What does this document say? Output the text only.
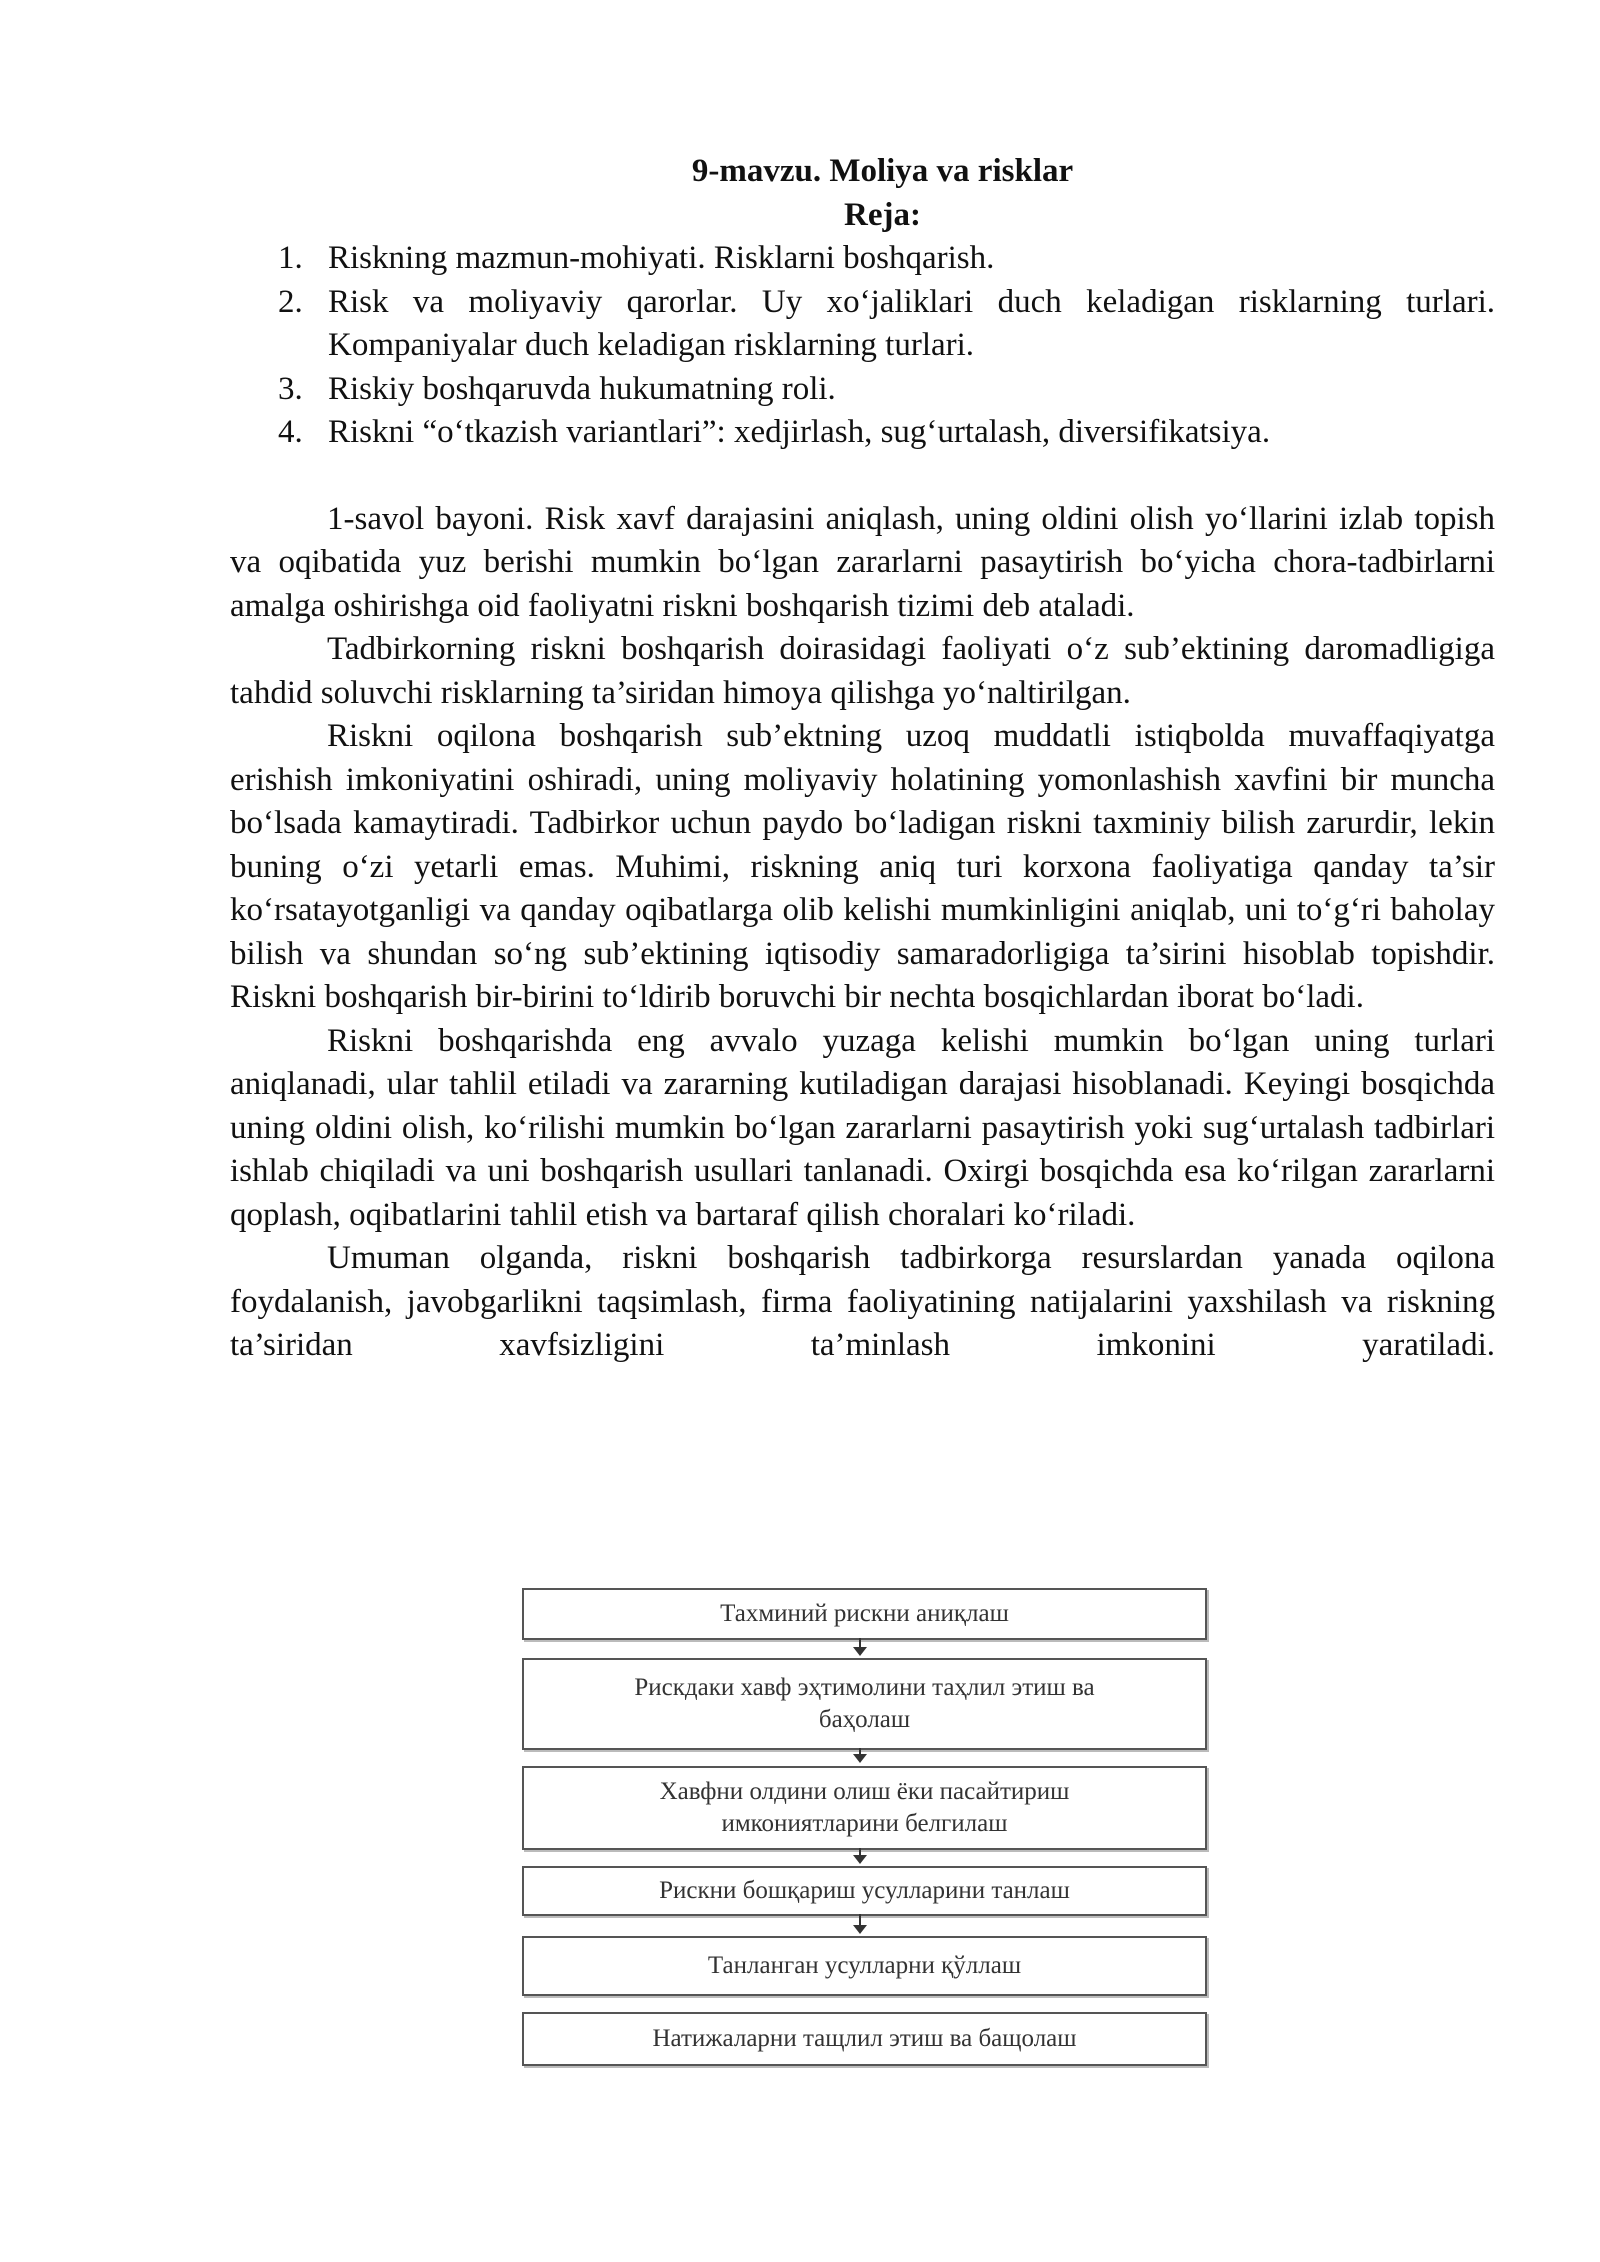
9-mavzu. Moliya va risklar
Reja:
1. Riskning mazmun-mohiyati. Risklarni boshqarish.
2. Risk va moliyaviy qarorlar. Uy xo‘jaliklari duch keladigan risklarning turlari. Kompaniyalar duch keladigan risklarning turlari.
3. Riskiy boshqaruvda hukumatning roli.
4. Riskni “o‘tkazish variantlari”: xedjirlash, sug‘urtalash, diversifikatsiya.

1-savol bayoni. Risk xavf darajasini aniqlash, uning oldini olish yo‘llarini izlab topish va oqibatida yuz berishi mumkin bo‘lgan zararlarni pasaytirish bo‘yicha chora-tadbirlarni amalga oshirishga oid faoliyatni riskni boshqarish tizimi deb ataladi.

Tadbirkorning riskni boshqarish doirasidagi faoliyati o‘z sub’ektining daromadligiga tahdid soluvchi risklarning ta’siridan himoya qilishga yo‘naltirilgan.

Riskni oqilona boshqarish sub’ektning uzoq muddatli istiqbolda muvaffaqiyatga erishish imkoniyatini oshiradi, uning moliyaviy holatining yomonlashish xavfini bir muncha bo‘lsada kamaytiradi. Tadbirkor uchun paydo bo‘ladigan riskni taxminiy bilish zarurdir, lekin buning o‘zi yetarli emas. Muhimi, riskning aniq turi korxona faoliyatiga qanday ta’sir ko‘rsatayotganligi va qanday oqibatlarga olib kelishi mumkinligini aniqlab, uni to‘g‘ri baholay bilish va shundan so‘ng sub’ektining iqtisodiy samaradorligiga ta’sirini hisoblab topishdir. Riskni boshqarish bir-birini to‘ldirib boruvchi bir nechta bosqichlardan iborat bo‘ladi.

Riskni boshqarishda eng avvalo yuzaga kelishi mumkin bo‘lgan uning turlari aniqlanadi, ular tahlil etiladi va zararning kutiladigan darajasi hisoblanadi. Keyingi bosqichda uning oldini olish, ko‘rilishi mumkin bo‘lgan zararlarni pasaytirish yoki sug‘urtalash tadbirlari ishlab chiqiladi va uni boshqarish usullari tanlanadi. Oxirgi bosqichda esa ko‘rilgan zararlarni qoplash, oqibatlarini tahlil etish va bartaraf qilish choralari ko‘riladi.

Umuman olganda, riskni boshqarish tadbirkorga resurslardan yanada oqilona foydalanish, javobgarlikni taqsimlash, firma faoliyatining natijalarini yaxshilash va riskning ta’siridan xavfsizligini ta’minlash imkonini yaratiladi.

Тахминий рискни аниқлаш
Рискдаки хавф эҳтимолини таҳлил этиш ва
баҳолаш
Хавфни олдини олиш ёки пасайтириш
имкониятларини белгилаш
Рискни бошқариш усулларини танлаш
Танланган усулларни қўллаш
Натижаларни тащлил этиш ва бащолаш
